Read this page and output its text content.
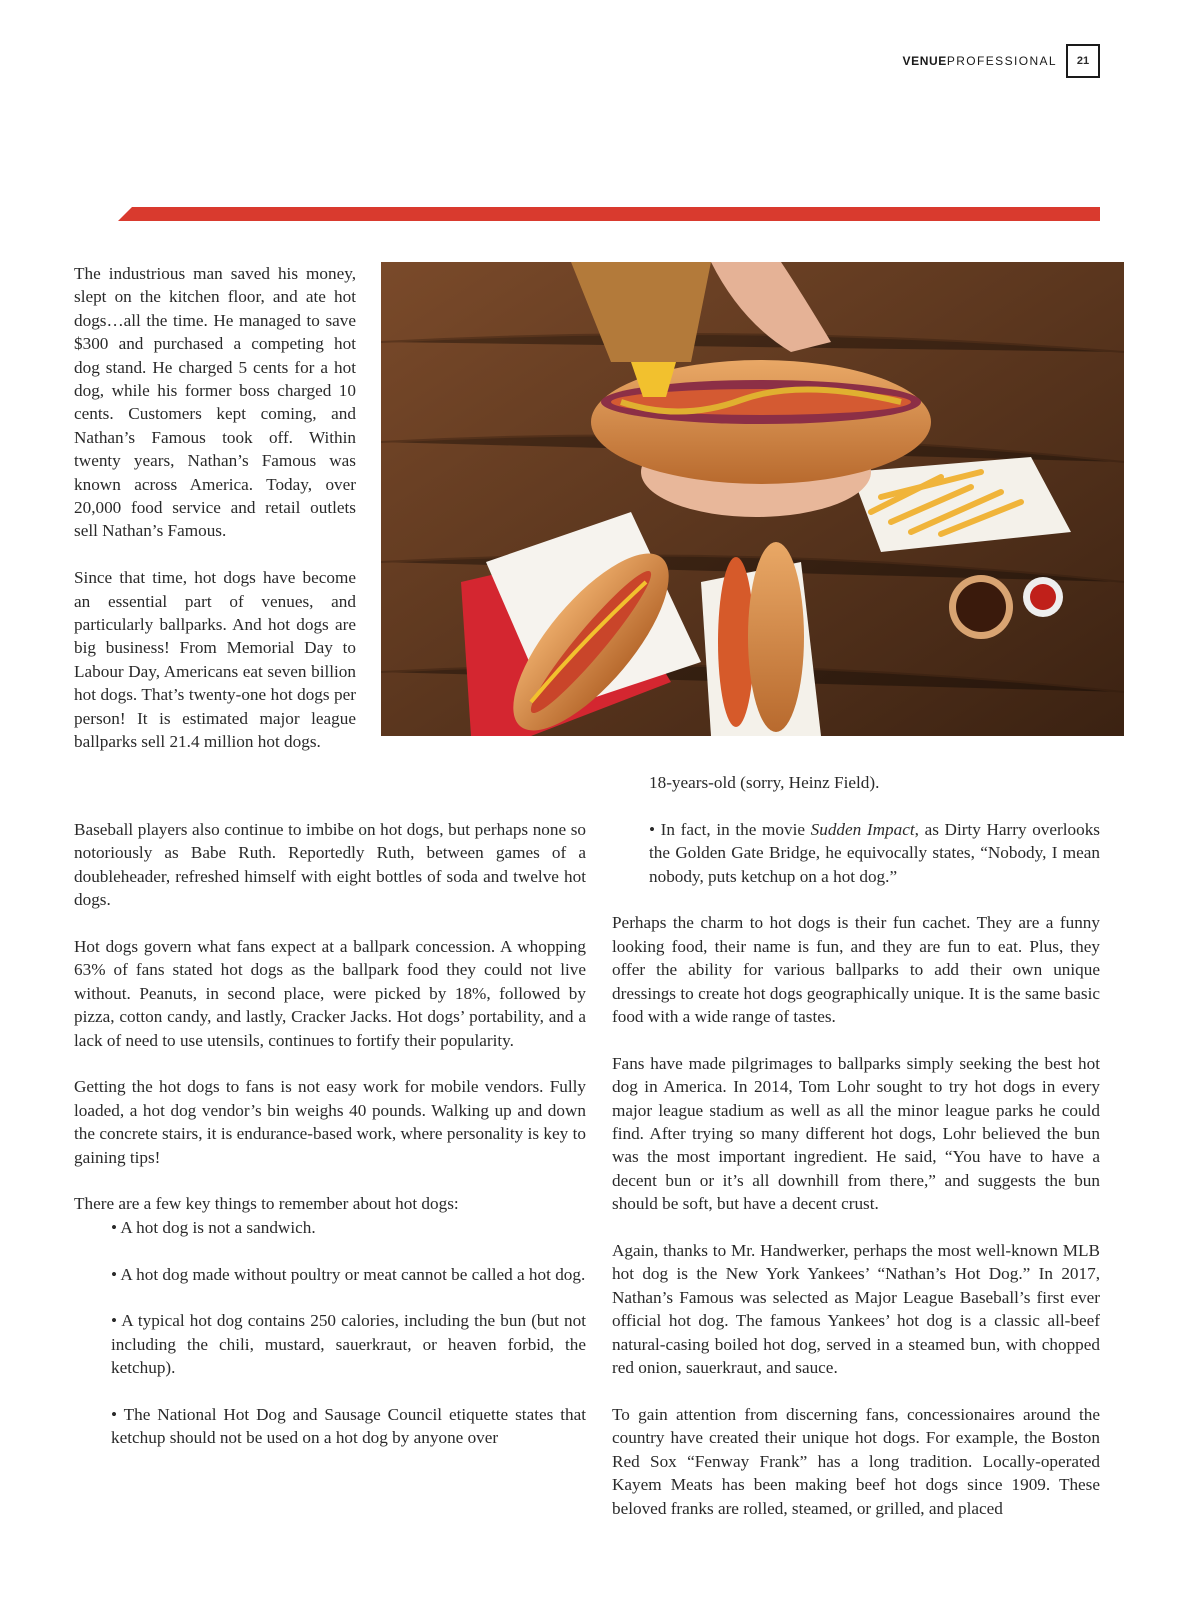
VENUEPROFESSIONAL	21

The industrious man saved his money, slept on the kitchen floor, and ate hot dogs…all the time. He managed to save $300 and purchased a competing hot dog stand. He charged 5 cents for a hot dog, while his former boss charged 10 cents. Customers kept coming, and Nathan’s Famous took off. Within twenty years, Nathan’s Famous was known across America. Today, over 20,000 food service and retail outlets sell Nathan’s Famous.

Since that time, hot dogs have become an essential part of venues, and particularly ballparks. And hot dogs are big business! From Memorial Day to Labour Day, Americans eat seven billion hot dogs. That’s twenty-one hot dogs per person! It is estimated major league ballparks sell 21.4 million hot dogs.

Baseball players also continue to imbibe on hot dogs, but perhaps none so notoriously as Babe Ruth. Reportedly Ruth, between games of a doubleheader, refreshed himself with eight bottles of soda and twelve hot dogs.

Hot dogs govern what fans expect at a ballpark concession. A whopping 63% of fans stated hot dogs as the ballpark food they could not live without. Peanuts, in second place, were picked by 18%, followed by pizza, cotton candy, and lastly, Cracker Jacks. Hot dogs’ portability, and a lack of need to use utensils, continues to fortify their popularity.

Getting the hot dogs to fans is not easy work for mobile vendors. Fully loaded, a hot dog vendor’s bin weighs 40 pounds. Walking up and down the concrete stairs, it is endurance-based work, where personality is key to gaining tips!

There are a few key things to remember about hot dogs:

• A hot dog is not a sandwich.

• A hot dog made without poultry or meat cannot be called a hot dog.

• A typical hot dog contains 250 calories, including the bun (but not including the chili, mustard, sauerkraut, or heaven forbid, the ketchup).

• The National Hot Dog and Sausage Council etiquette states that ketchup should not be used on a hot dog by anyone over

18-years-old (sorry, Heinz Field).

• In fact, in the movie Sudden Impact, as Dirty Harry overlooks the Golden Gate Bridge, he equivocally states, “Nobody, I mean nobody, puts ketchup on a hot dog.”

Perhaps the charm to hot dogs is their fun cachet. They are a funny looking food, their name is fun, and they are fun to eat. Plus, they offer the ability for various ballparks to add their own unique dressings to create hot dogs geographically unique. It is the same basic food with a wide range of tastes.

Fans have made pilgrimages to ballparks simply seeking the best hot dog in America. In 2014, Tom Lohr sought to try hot dogs in every major league stadium as well as all the minor league parks he could find. After trying so many different hot dogs, Lohr believed the bun was the most important ingredient. He said, “You have to have a decent bun or it’s all downhill from there,” and suggests the bun should be soft, but have a decent crust.

Again, thanks to Mr. Handwerker, perhaps the most well-known MLB hot dog is the New York Yankees’ “Nathan’s Hot Dog.” In 2017, Nathan’s Famous was selected as Major League Baseball’s first ever official hot dog. The famous Yankees’ hot dog is a classic all-beef natural-casing boiled hot dog, served in a steamed bun, with chopped red onion, sauerkraut, and sauce.

To gain attention from discerning fans, concessionaires around the country have created their unique hot dogs. For example, the Boston Red Sox “Fenway Frank” has a long tradition. Locally-operated Kayem Meats has been making beef hot dogs since 1909. These beloved franks are rolled, steamed, or grilled, and placed
